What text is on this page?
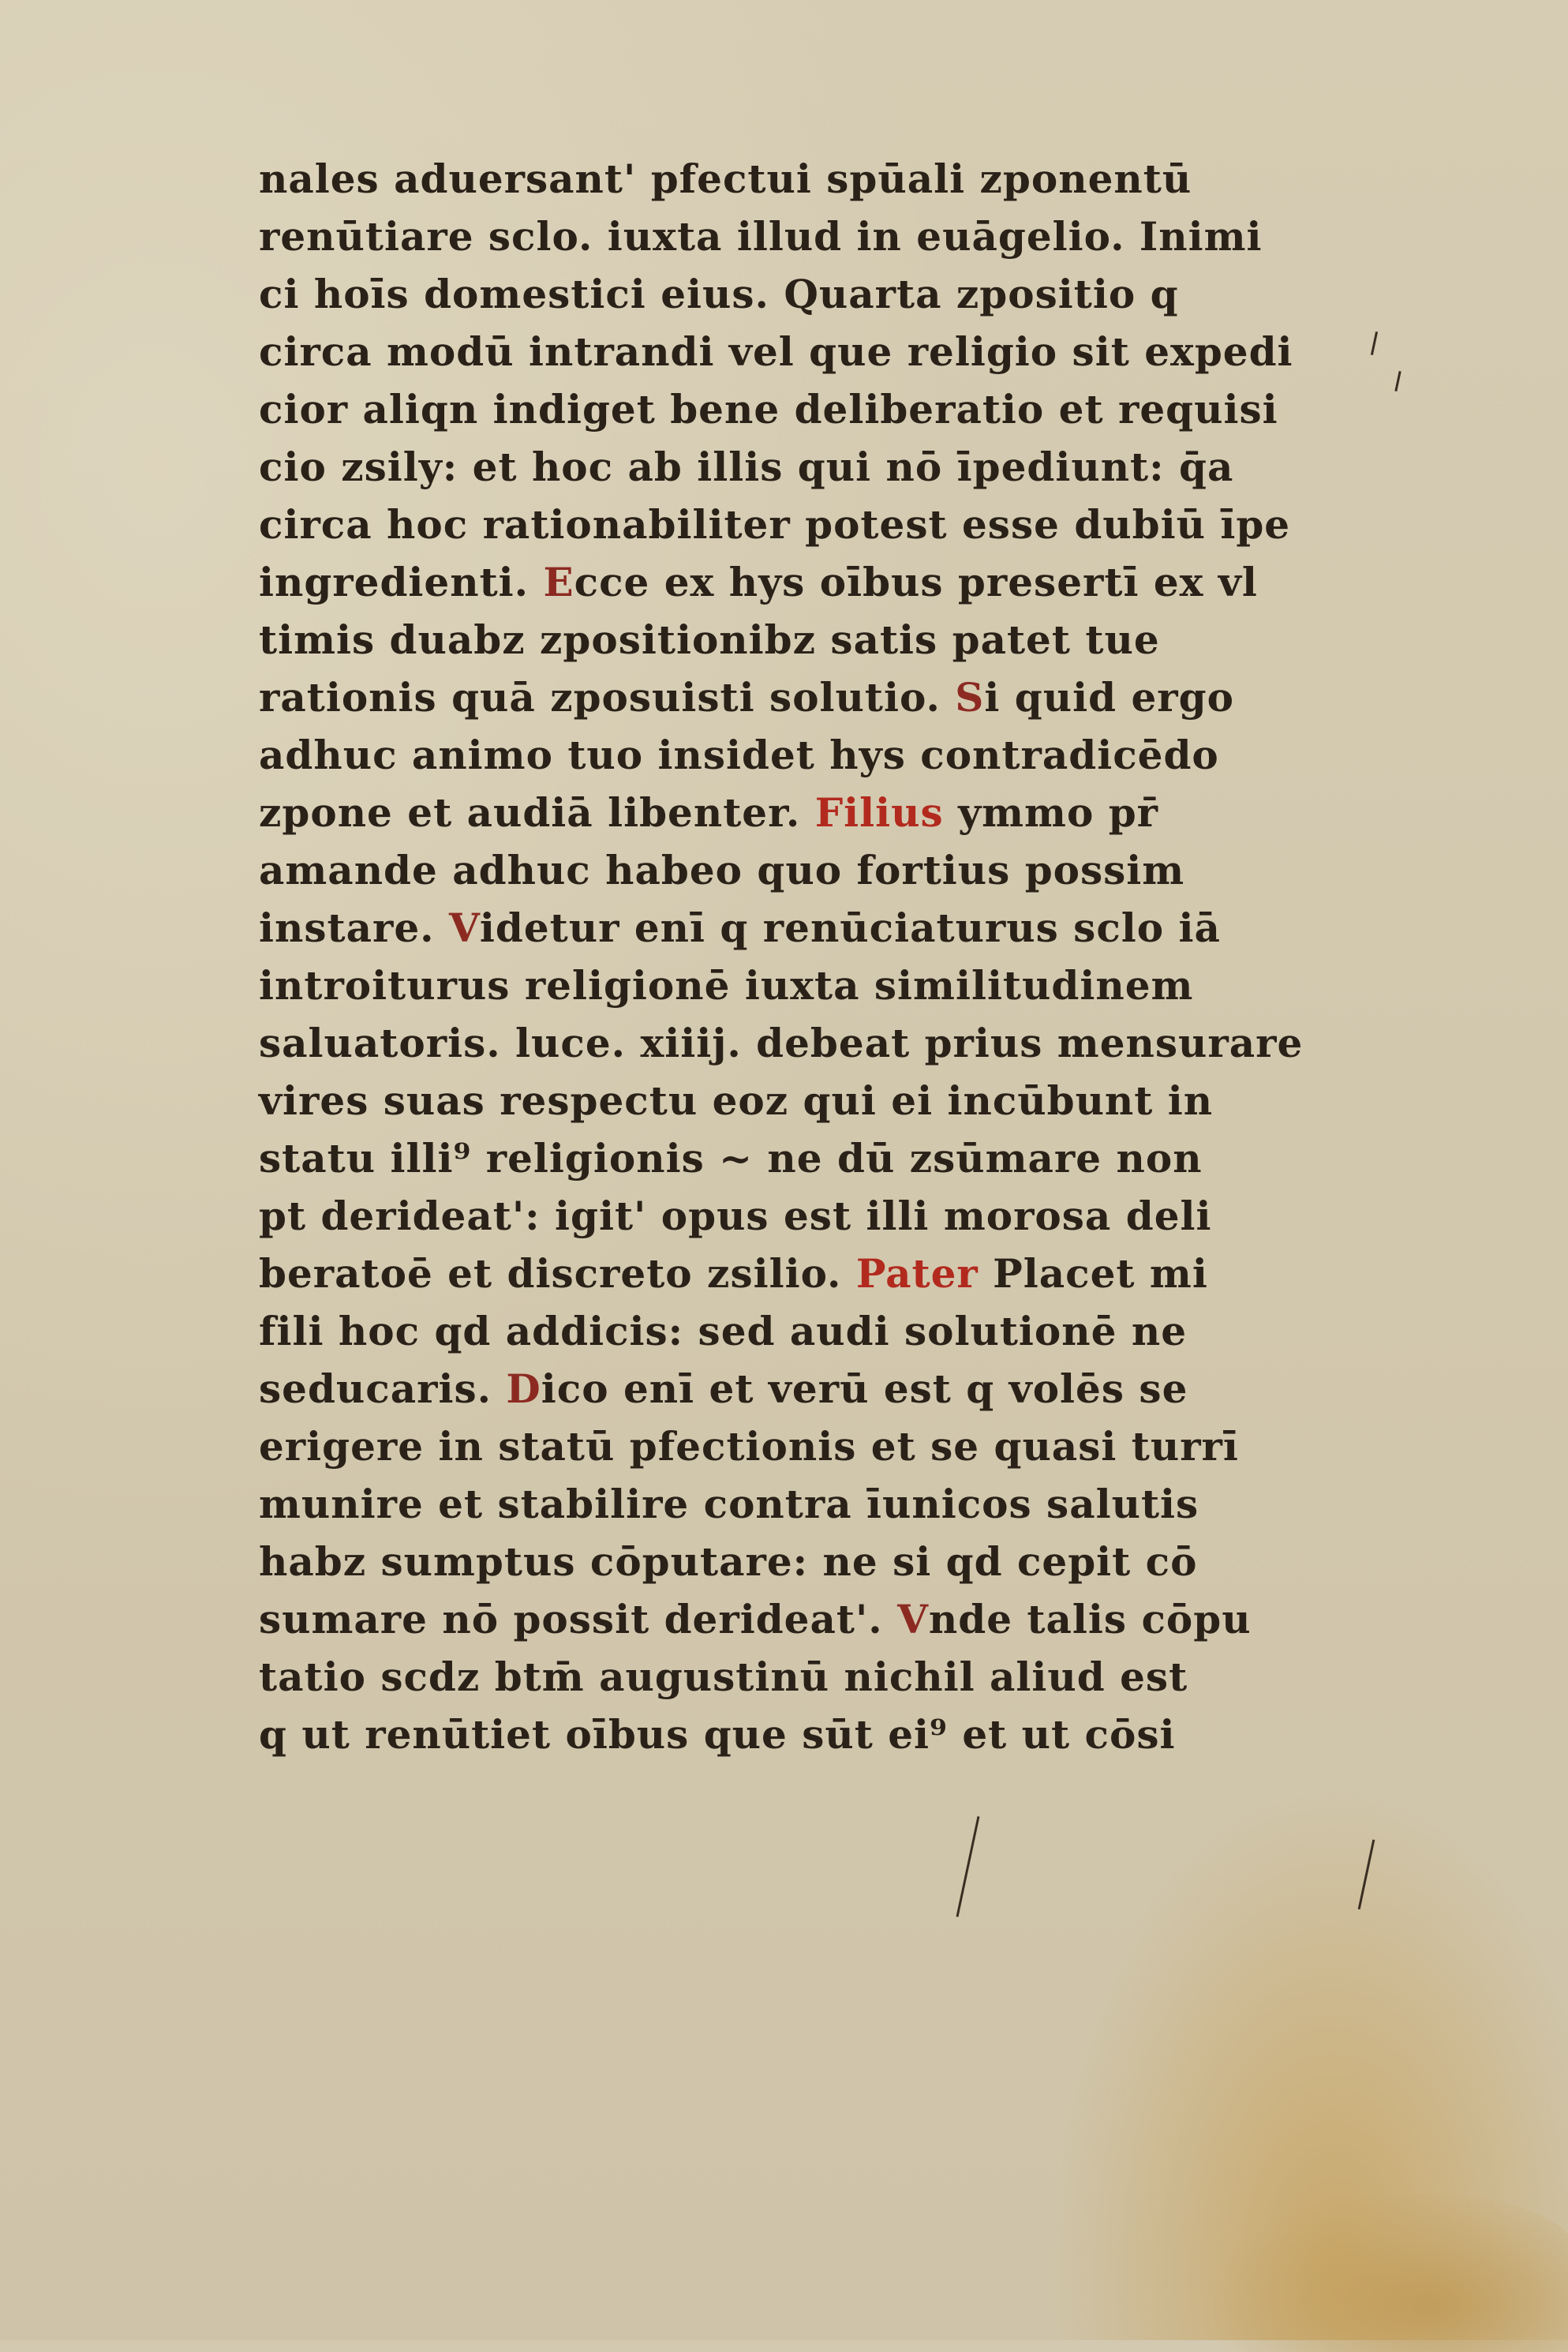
nales aduersant' pfectui spūali zponentū
renūtiare sclo. iuxta illud in euāgelio. Inimi
ci hoīs domestici eius. Quarta zpositio q
circa modū intrandi vel que religio sit expedi
cior aliqn indiget bene deliberatio et requisi
cio zsily: et hoc ab illis qui nō īpediunt: q̄a
circa hoc rationabiliter potest esse dubiū īpe
ingredienti. Ecce ex hys oībus presertī ex vl
timis duabz zpositionibz satis patet tue
rationis quā zposuisti solutio. Si quid ergo
adhuc animo tuo insidet hys contradicēdo
zpone et audiā libenter. Filius ymmo pr̄
amande adhuc habeo quo fortius possim
instare. Videtur enī q renūciaturus sclo iā
introiturus religionē iuxta similitudinem
saluatoris. luce. xiiij. debeat prius mensurare
vires suas respectu eoz qui ei incūbunt in
statu illi⁹ religionis ~ ne dū zsūmare non
pt derideat': igit' opus est illi morosa deli
beratoē et discreto zsilio. Pater Placet mi
fili hoc qd addicis: sed audi solutionē ne
seducaris. Dico enī et verū est q volēs se
erigere in statū pfectionis et se quasi turrī
munire et stabilire contra īunicos salutis
habz sumptus cōputare: ne si qd cepit cō
sumare nō possit derideat'. Vnde talis cōpu
tatio scdz btm̄ augustinū nichil aliud est
q ut renūtiet oībus que sūt ei⁹ et ut cōsi
